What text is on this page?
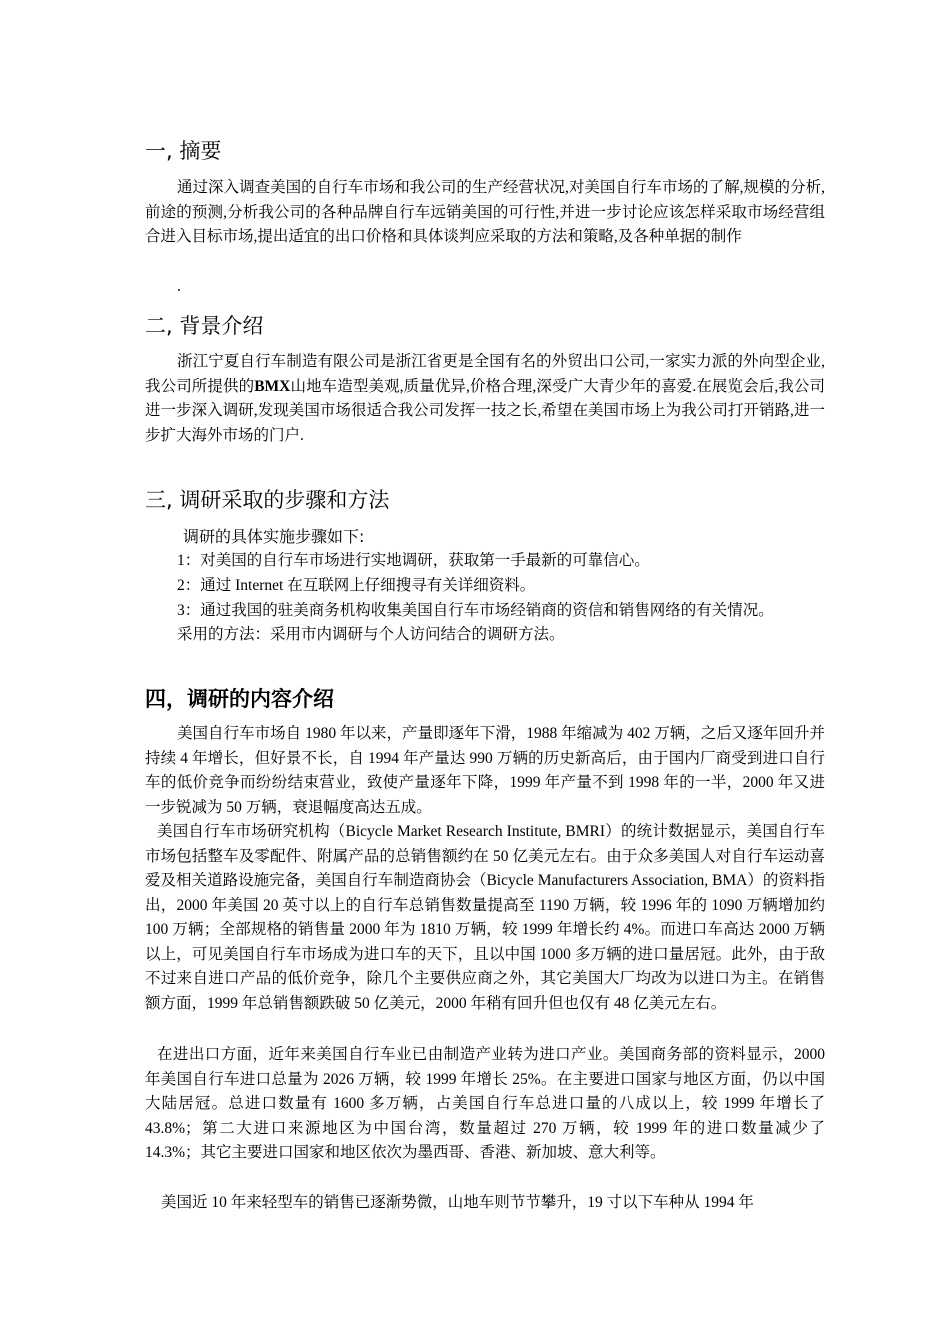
一, 摘要

通过深入调查美国的自行车市场和我公司的生产经营状况,对美国自行车市场的了解,规模的分析,前途的预测,分析我公司的各种品牌自行车远销美国的可行性,并进一步讨论应该怎样采取市场经营组合进入目标市场,提出适宜的出口价格和具体谈判应采取的方法和策略,及各种单据的制作

.

二, 背景介绍

浙江宁夏自行车制造有限公司是浙江省更是全国有名的外贸出口公司,一家实力派的外向型企业,我公司所提供的BMX山地车造型美观,质量优异,价格合理,深受广大青少年的喜爱.在展览会后,我公司进一步深入调研,发现美国市场很适合我公司发挥一技之长,希望在美国市场上为我公司打开销路,进一步扩大海外市场的门户.

三, 调研采取的步骤和方法

调研的具体实施步骤如下:

1：对美国的自行车市场进行实地调研，获取第一手最新的可靠信心。

2：通过 Internet 在互联网上仔细搜寻有关详细资料。

3：通过我国的驻美商务机构收集美国自行车市场经销商的资信和销售网络的有关情况。

采用的方法：采用市内调研与个人访问结合的调研方法。

四，调研的内容介绍

美国自行车市场自 1980 年以来，产量即逐年下滑，1988 年缩减为 402 万辆，之后又逐年回升并持续 4 年增长，但好景不长，自 1994 年产量达 990 万辆的历史新高后，由于国内厂商受到进口自行车的低价竞争而纷纷结束营业，致使产量逐年下降，1999 年产量不到 1998 年的一半，2000 年又进一步锐减为 50 万辆，衰退幅度高达五成。

美国自行车市场研究机构（Bicycle Market Research Institute, BMRI）的统计数据显示，美国自行车市场包括整车及零配件、附属产品的总销售额约在 50 亿美元左右。由于众多美国人对自行车运动喜爱及相关道路设施完备，美国自行车制造商协会（Bicycle Manufacturers Association, BMA）的资料指出，2000 年美国 20 英寸以上的自行车总销售数量提高至 1190 万辆，较 1996 年的 1090 万辆增加约 100 万辆；全部规格的销售量 2000 年为 1810 万辆，较 1999 年增长约 4%。而进口车高达 2000 万辆以上，可见美国自行车市场成为进口车的天下，且以中国 1000 多万辆的进口量居冠。此外，由于敌不过来自进口产品的低价竞争，除几个主要供应商之外，其它美国大厂均改为以进口为主。在销售额方面，1999 年总销售额跌破 50 亿美元，2000 年稍有回升但也仅有 48 亿美元左右。

在进出口方面，近年来美国自行车业已由制造产业转为进口产业。美国商务部的资料显示，2000 年美国自行车进口总量为 2026 万辆，较 1999 年增长 25%。在主要进口国家与地区方面，仍以中国大陆居冠。总进口数量有 1600 多万辆，占美国自行车总进口量的八成以上，较 1999 年增长了 43.8%；第二大进口来源地区为中国台湾，数量超过 270 万辆，较 1999 年的进口数量减少了 14.3%；其它主要进口国家和地区依次为墨西哥、香港、新加坡、意大利等。

美国近 10 年来轻型车的销售已逐渐势微，山地车则节节攀升，19 寸以下车种从 1994 年
